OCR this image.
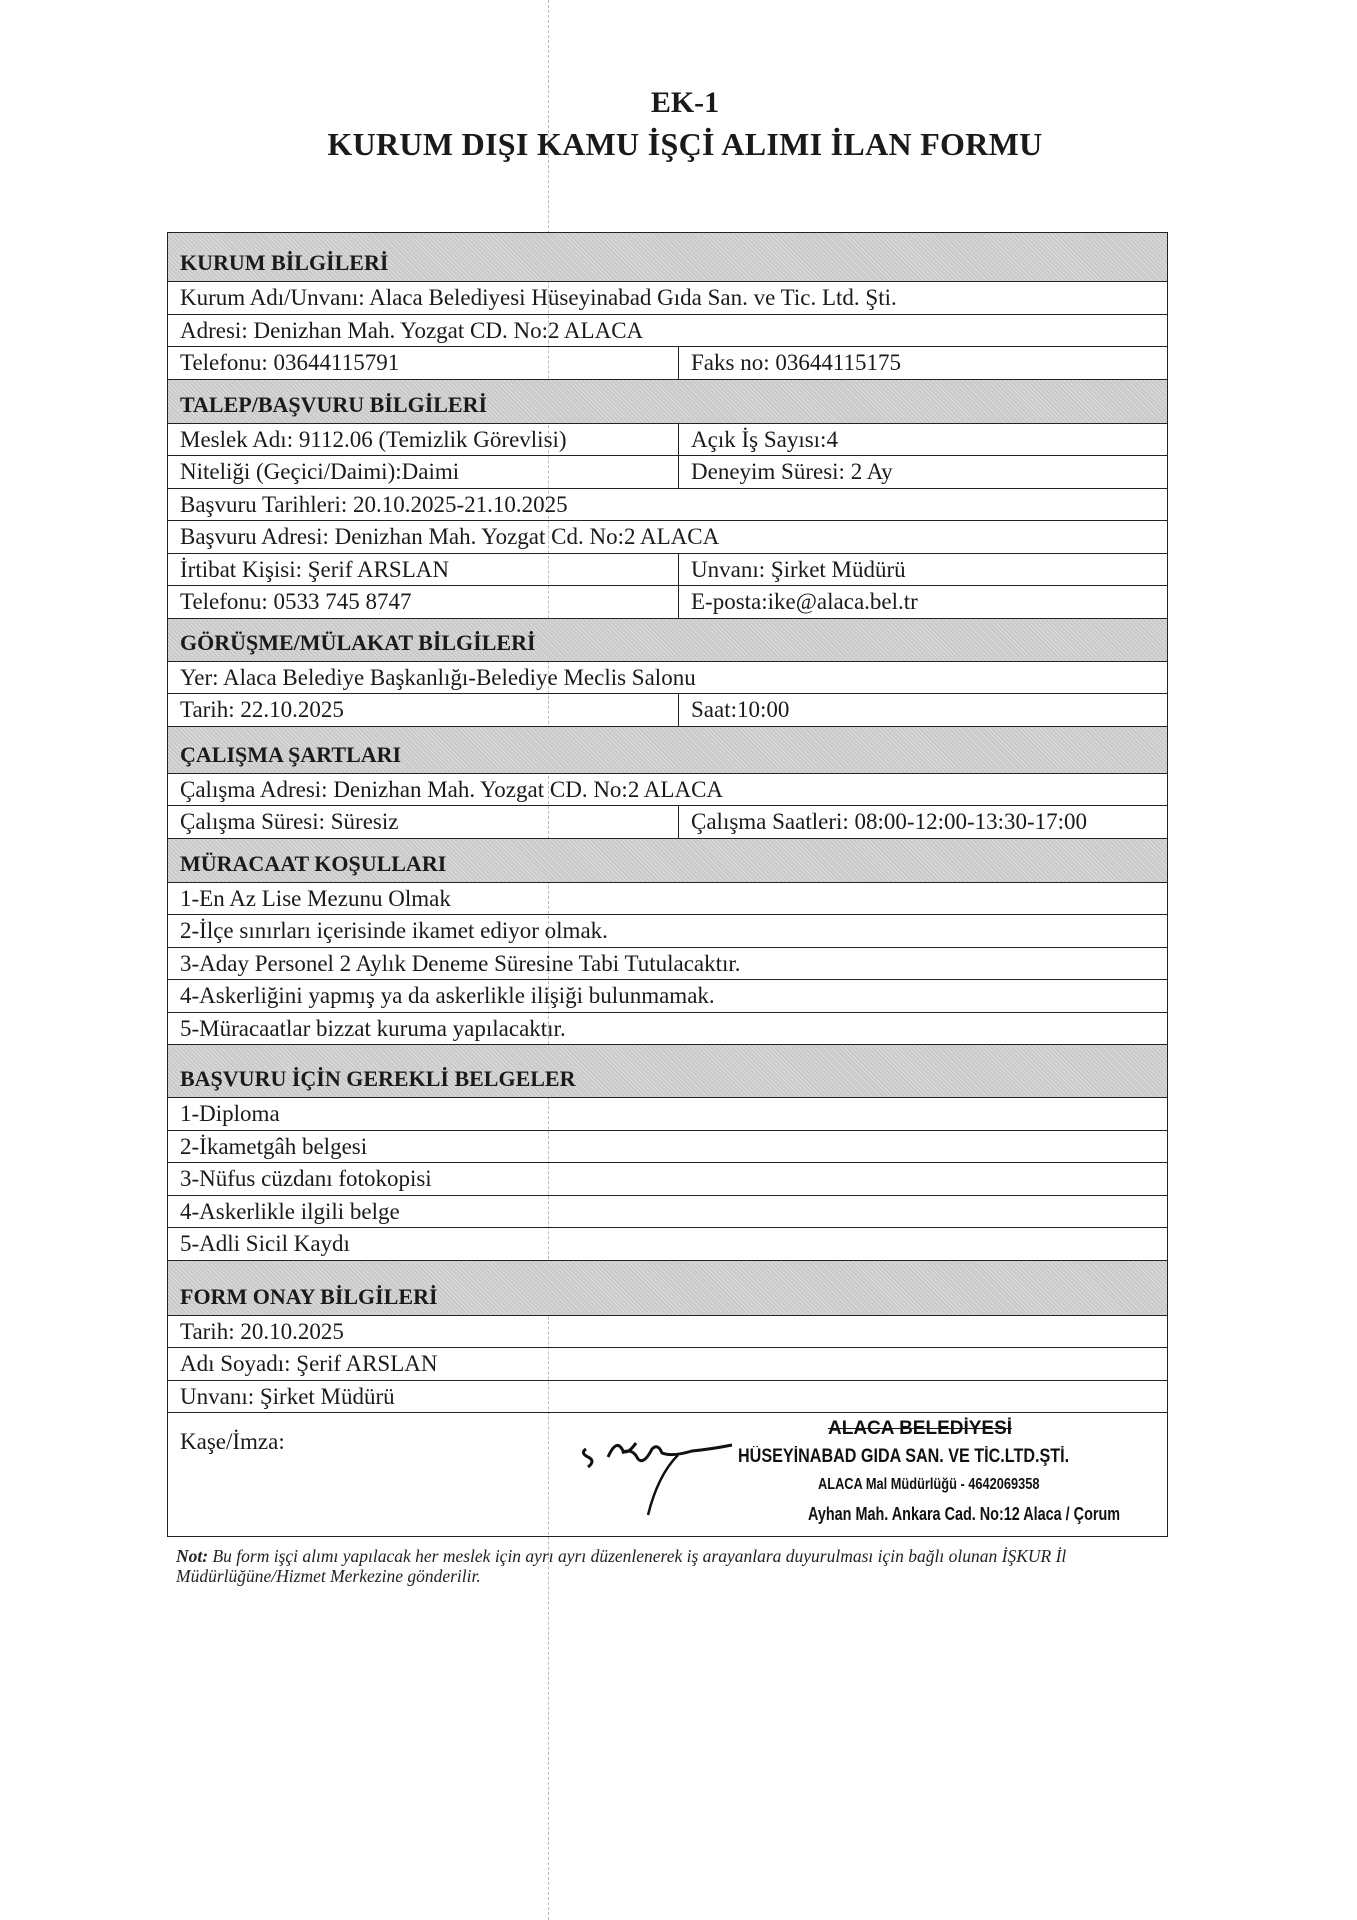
EK-1
KURUM DIŞI KAMU İŞÇİ ALIMI İLAN FORMU
KURUM BİLGİLERİ
Kurum Adı/Unvanı: Alaca Belediyesi Hüseyinabad Gıda San. ve Tic. Ltd. Şti.
Adresi: Denizhan Mah. Yozgat CD. No:2 ALACA
Telefonu: 03644115791	Faks no: 03644115175
TALEP/BAŞVURU BİLGİLERİ
Meslek Adı: 9112.06 (Temizlik Görevlisi)	Açık İş Sayısı:4
Niteliği (Geçici/Daimi):Daimi	Deneyim Süresi: 2 Ay
Başvuru Tarihleri: 20.10.2025-21.10.2025
Başvuru Adresi: Denizhan Mah. Yozgat Cd. No:2 ALACA
İrtibat Kişisi: Şerif ARSLAN	Unvanı: Şirket Müdürü
Telefonu: 0533 745 8747	E-posta:ike@alaca.bel.tr
GÖRÜŞME/MÜLAKAT BİLGİLERİ
Yer: Alaca Belediye Başkanlığı-Belediye Meclis Salonu
Tarih: 22.10.2025	Saat:10:00
ÇALIŞMA ŞARTLARI
Çalışma Adresi: Denizhan Mah. Yozgat CD. No:2 ALACA
Çalışma Süresi: Süresiz	Çalışma Saatleri: 08:00-12:00-13:30-17:00
MÜRACAAT KOŞULLARI
1-En Az Lise Mezunu Olmak
2-İlçe sınırları içerisinde ikamet ediyor olmak.
3-Aday Personel 2 Aylık Deneme Süresine Tabi Tutulacaktır.
4-Askerliğini yapmış ya da askerlikle ilişiği bulunmamak.
5-Müracaatlar bizzat kuruma yapılacaktır.
BAŞVURU İÇİN GEREKLİ BELGELER
1-Diploma
2-İkametgâh belgesi
3-Nüfus cüzdanı fotokopisi
4-Askerlikle ilgili belge
5-Adli Sicil Kaydı
FORM ONAY BİLGİLERİ
Tarih: 20.10.2025
Adı Soyadı: Şerif ARSLAN
Unvanı: Şirket Müdürü
Kaşe/İmza:
ALACA BELEDİYESİ
HÜSEYİNABAD GIDA SAN. VE TİC.LTD.ŞTİ.
ALACA Mal Müdürlüğü - 4642069358
Ayhan Mah. Ankara Cad. No:12 Alaca / Çorum
Not: Bu form işçi alımı yapılacak her meslek için ayrı ayrı düzenlenerek iş arayanlara duyurulması için bağlı olunan İŞKUR İl Müdürlüğüne/Hizmet Merkezine gönderilir.
